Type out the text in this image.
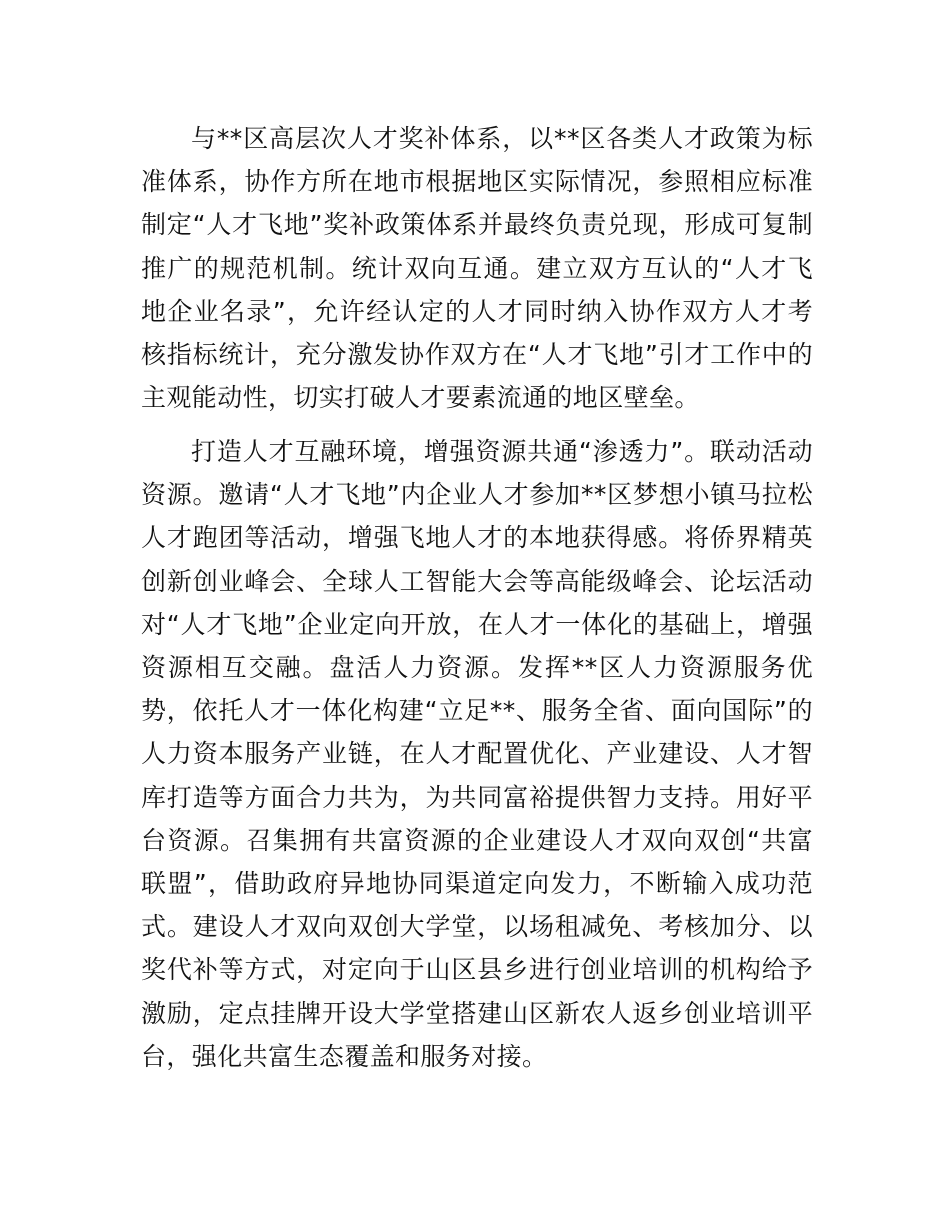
与**区高层次人才奖补体系，以**区各类人才政策为标准体系，协作方所在地市根据地区实际情况，参照相应标准制定“人才飞地”奖补政策体系并最终负责兑现，形成可复制推广的规范机制。统计双向互通。建立双方互认的“人才飞地企业名录”，允许经认定的人才同时纳入协作双方人才考核指标统计，充分激发协作双方在“人才飞地”引才工作中的主观能动性，切实打破人才要素流通的地区壁垒。

打造人才互融环境，增强资源共通“渗透力”。联动活动资源。邀请“人才飞地”内企业人才参加**区梦想小镇马拉松人才跑团等活动，增强飞地人才的本地获得感。将侨界精英创新创业峰会、全球人工智能大会等高能级峰会、论坛活动对“人才飞地”企业定向开放，在人才一体化的基础上，增强资源相互交融。盘活人力资源。发挥**区人力资源服务优势，依托人才一体化构建“立足**、服务全省、面向国际”的人力资本服务产业链，在人才配置优化、产业建设、人才智库打造等方面合力共为，为共同富裕提供智力支持。用好平台资源。召集拥有共富资源的企业建设人才双向双创“共富联盟”，借助政府异地协同渠道定向发力，不断输入成功范式。建设人才双向双创大学堂，以场租减免、考核加分、以奖代补等方式，对定向于山区县乡进行创业培训的机构给予激励，定点挂牌开设大学堂搭建山区新农人返乡创业培训平台，强化共富生态覆盖和服务对接。
